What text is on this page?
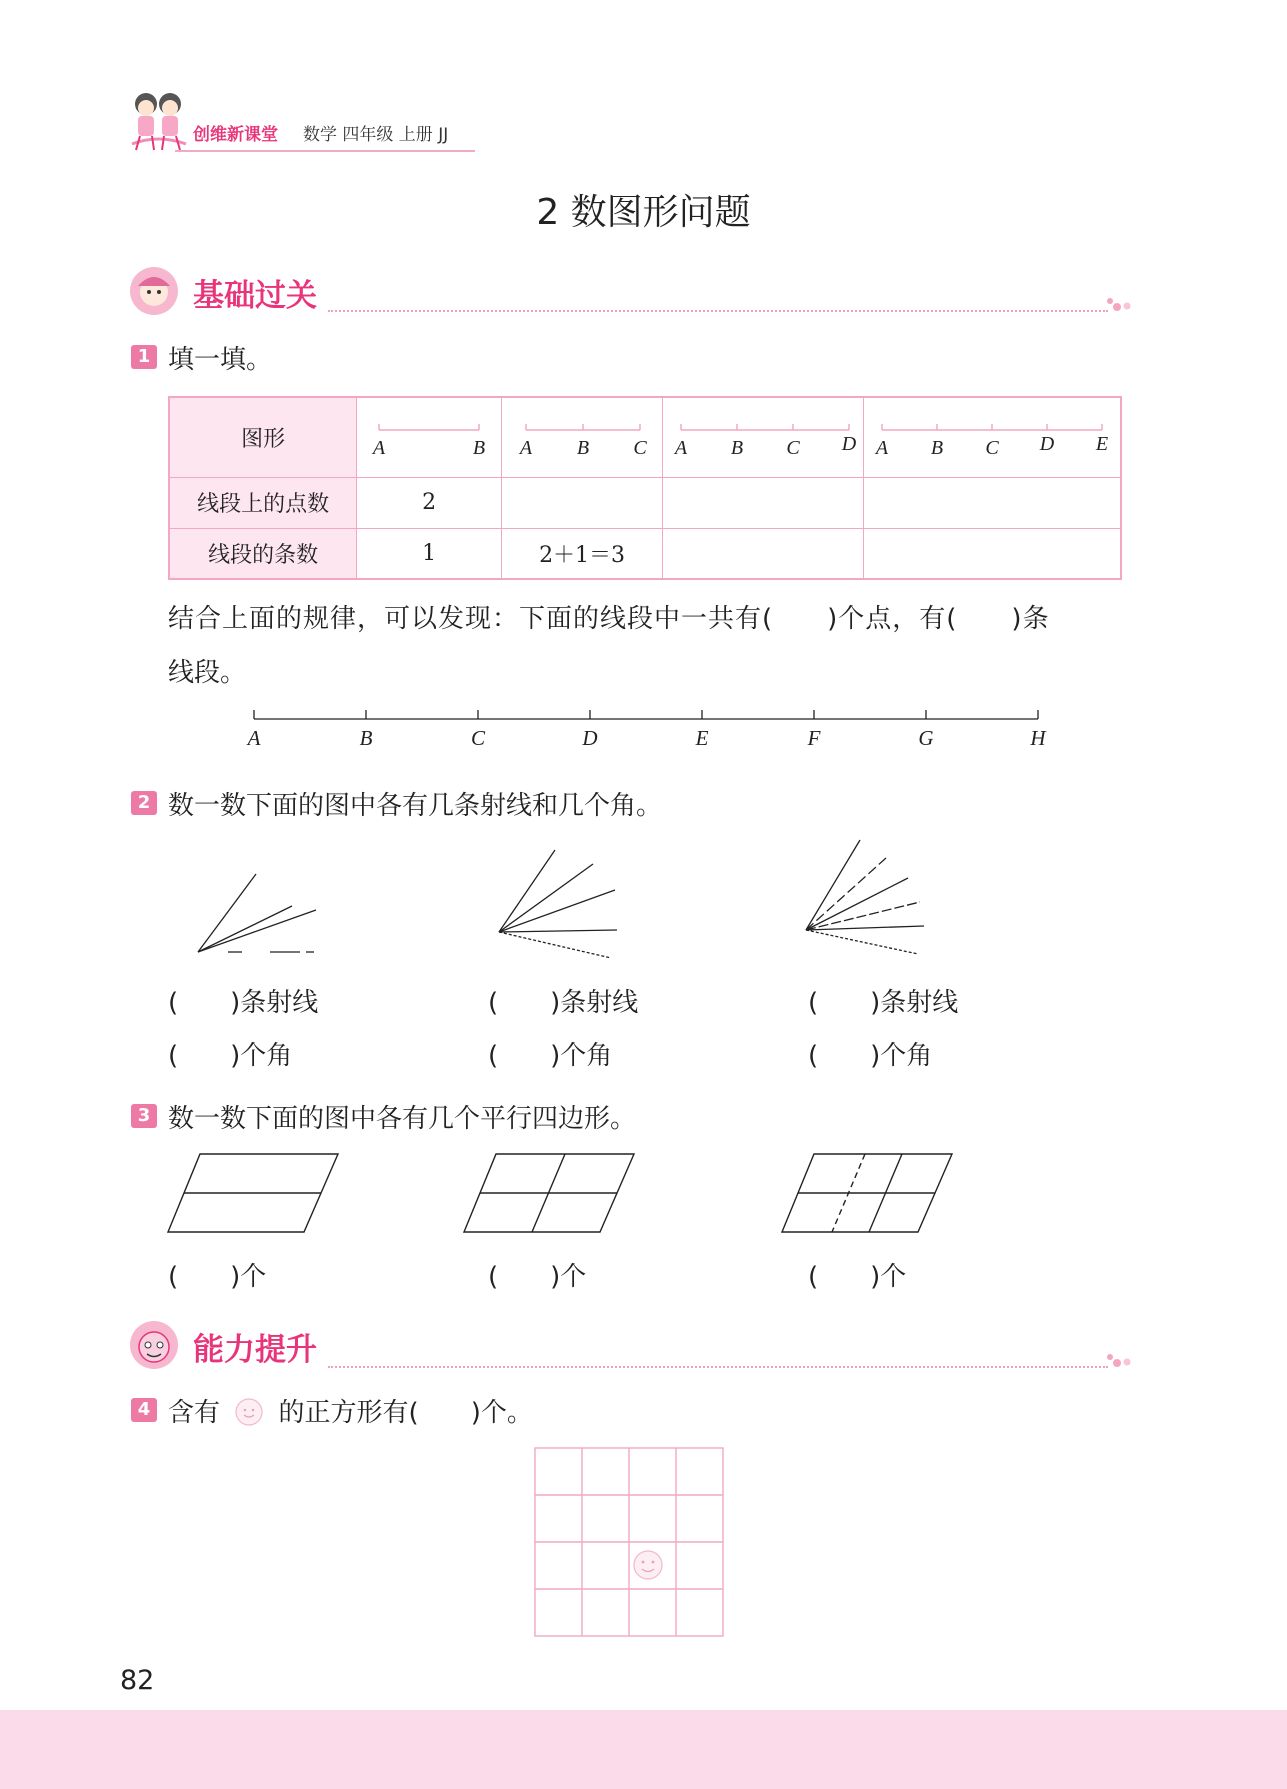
创维新课堂 数学 四年级 上册 JJ
2 数图形问题
基础过关
1 填一填。
图形	A B	A B C	A B C D	A B C D E

线段上的点数	2			
线段的条数	1	2＋1＝3		
结合上面的规律，可以发现：下面的线段中一共有(　　)个点，有(　　)条
线段。
A	B	C	D	E	F	G	H
2 数一数下面的图中各有几条射线和几个角。
(　　)条射线	(　　)条射线	(　　)条射线
(　　)个角	(　　)个角	(　　)个角
3 数一数下面的图中各有几个平行四边形。
(　　)个	(　　)个	(　　)个
能力提升
4 含有 的正方形有(　　)个。
82
